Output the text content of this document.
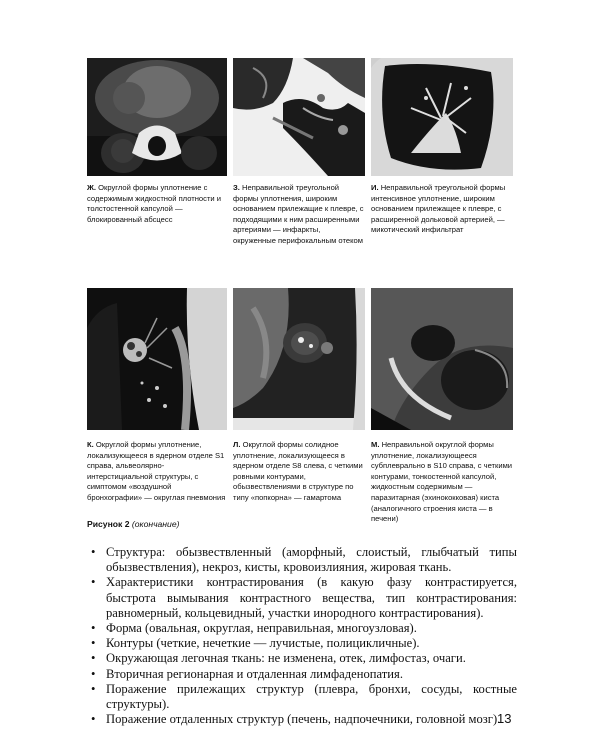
Ж. Округлой формы уплотнение с содержимым жидкостной плотности и толстостенной капсулой — блокированный абсцесс
З. Неправильной треугольной формы уплотнения, широким основанием прилежащие к плевре, с подходящими к ним расширенными артериями — инфаркты, окруженные перифокальным отеком
И. Неправильной треугольной формы интенсивное уплотнение, широким основанием прилежащее к плевре, с расширенной дольковой артерией, — микотический инфильтрат
К. Округлой формы уплотнение, локализующееся в ядерном отделе S1 справа, альвеолярно-интерстициальной структуры, с симптомом «воздушной бронхографии» — округлая пневмония
Л. Округлой формы солидное уплотнение, локализующееся в ядерном отделе S8 слева, с четкими ровными контурами, обызвествлениями в структуре по типу «попкорна» — гамартома
М. Неправильной округлой формы уплотнение, локализующееся субплеврально в S10 справа, с четкими контурами, тонкостенной капсулой, жидкостным содержимым — паразитарная (эхинококковая) киста (аналогичного строения киста — в печени)
Рисунок 2 (окончание)
• Структура: обызвествленный (аморфный, слоистый, глыбчатый типы обызвествления), некроз, кисты, кровоизлияния, жировая ткань.
• Характеристики контрастирования (в какую фазу контрастируется, быстрота вымывания контрастного вещества, тип контрастирования: равномерный, кольцевидный, участки инородного контрастирования).
• Форма (овальная, округлая, неправильная, многоузловая).
• Контуры (четкие, нечеткие — лучистые, полицикличные).
• Окружающая легочная ткань: не изменена, отек, лимфостаз, очаги.
• Вторичная регионарная и отдаленная лимфаденопатия.
• Поражение прилежащих структур (плевра, бронхи, сосуды, костные структуры).
• Поражение отдаленных структур (печень, надпочечники, головной мозг).
13
